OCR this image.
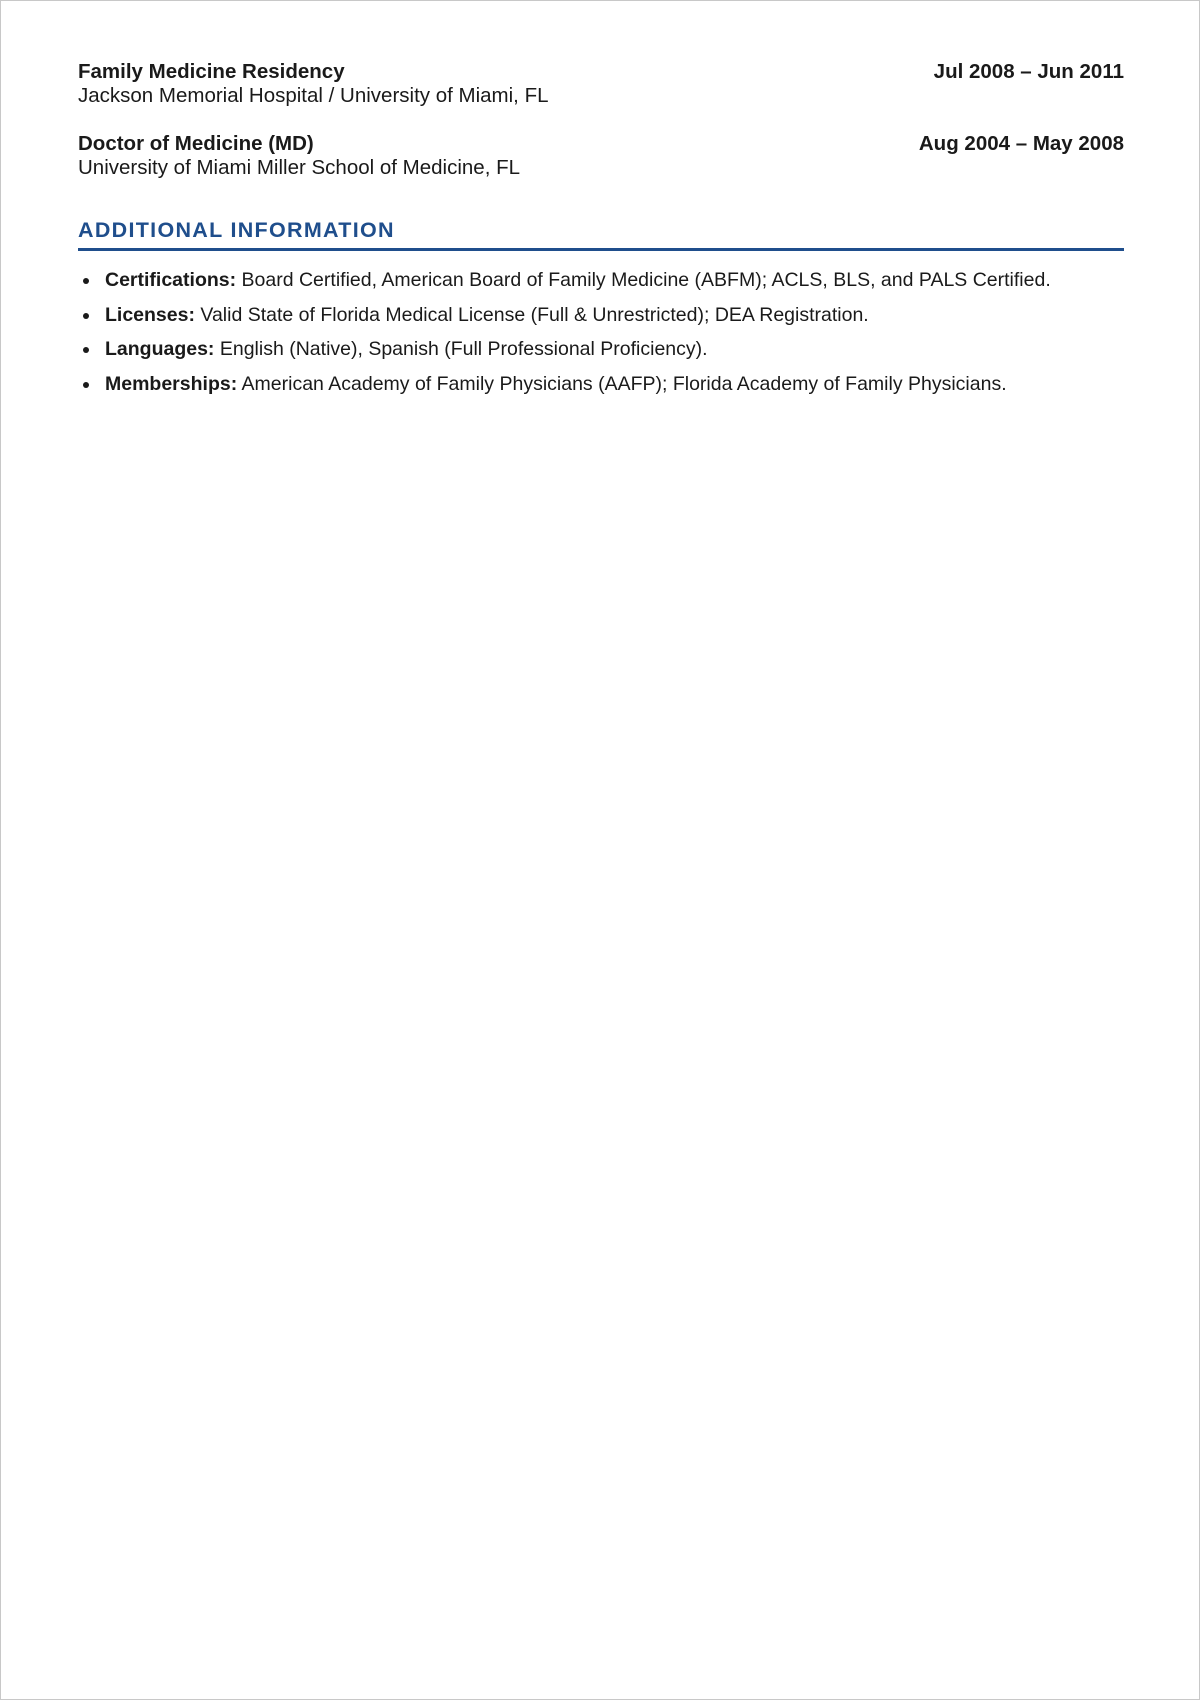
Family Medicine Residency	Jul 2008 – Jun 2011
Jackson Memorial Hospital / University of Miami, FL
Doctor of Medicine (MD)	Aug 2004 – May 2008
University of Miami Miller School of Medicine, FL
ADDITIONAL INFORMATION
Certifications: Board Certified, American Board of Family Medicine (ABFM); ACLS, BLS, and PALS Certified.
Licenses: Valid State of Florida Medical License (Full & Unrestricted); DEA Registration.
Languages: English (Native), Spanish (Full Professional Proficiency).
Memberships: American Academy of Family Physicians (AAFP); Florida Academy of Family Physicians.
